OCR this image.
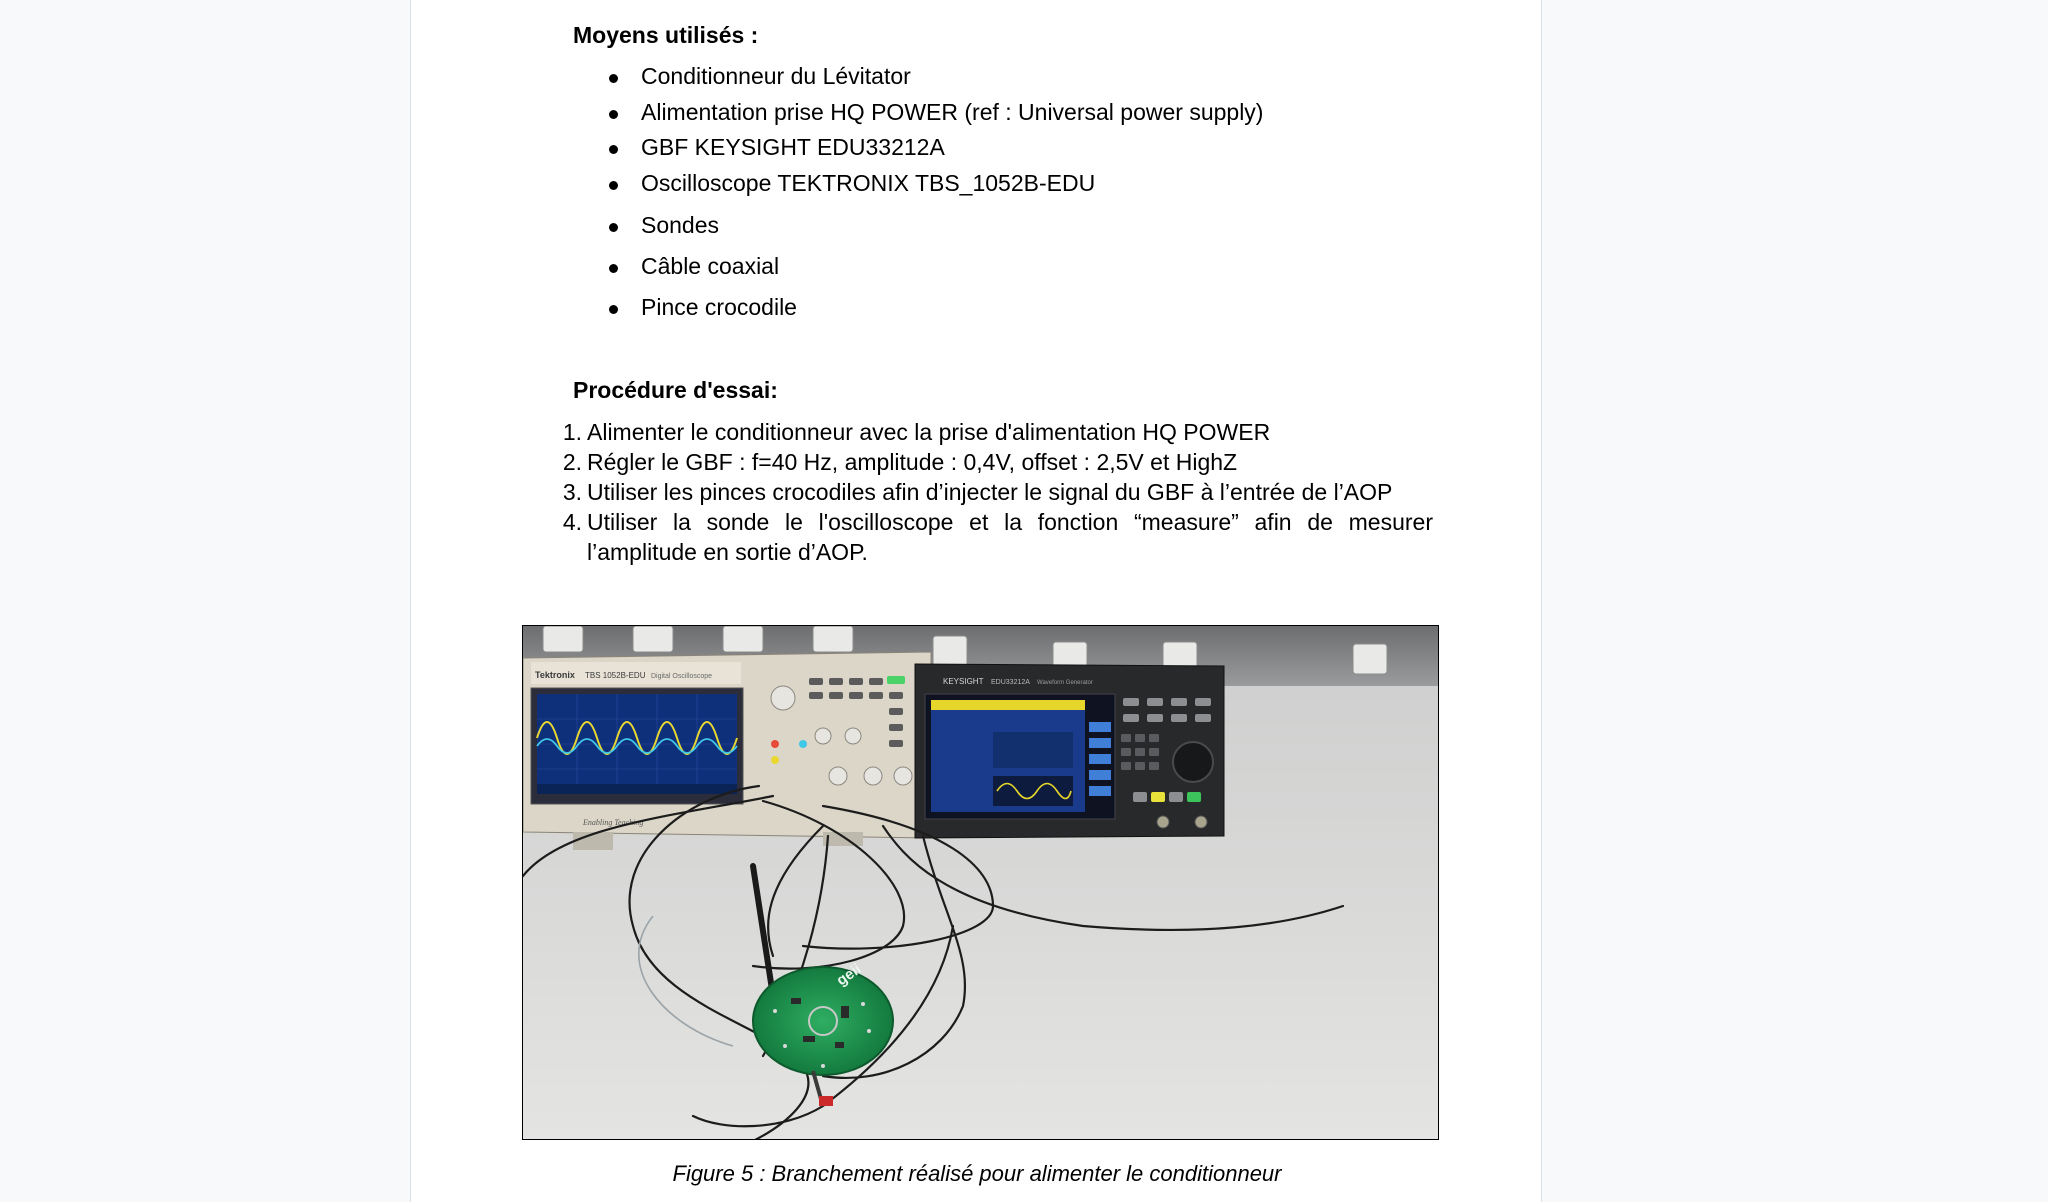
Moyens utilisés :
Conditionneur du Lévitator
Alimentation prise HQ POWER (ref : Universal power supply)
GBF KEYSIGHT EDU33212A
Oscilloscope TEKTRONIX TBS_1052B-EDU
Sondes
Câble coaxial
Pince crocodile
Procédure d'essai:
1. Alimenter le conditionneur avec la prise d'alimentation HQ POWER
2. Régler le GBF : f=40 Hz, amplitude : 0,4V, offset : 2,5V et HighZ
3. Utiliser les pinces crocodiles afin d’injecter le signal du GBF à l’entrée de l’AOP
4. Utiliser la sonde le l'oscilloscope et la fonction “measure” afin de mesurer l’amplitude en sortie d’AOP.
Tektronix TBS 1052B-EDU Digital Oscilloscope
Enabling Teaching
KEYSIGHT EDU33212A Waveform Generator
geii
Figure 5 : Branchement réalisé pour alimenter le conditionneur
